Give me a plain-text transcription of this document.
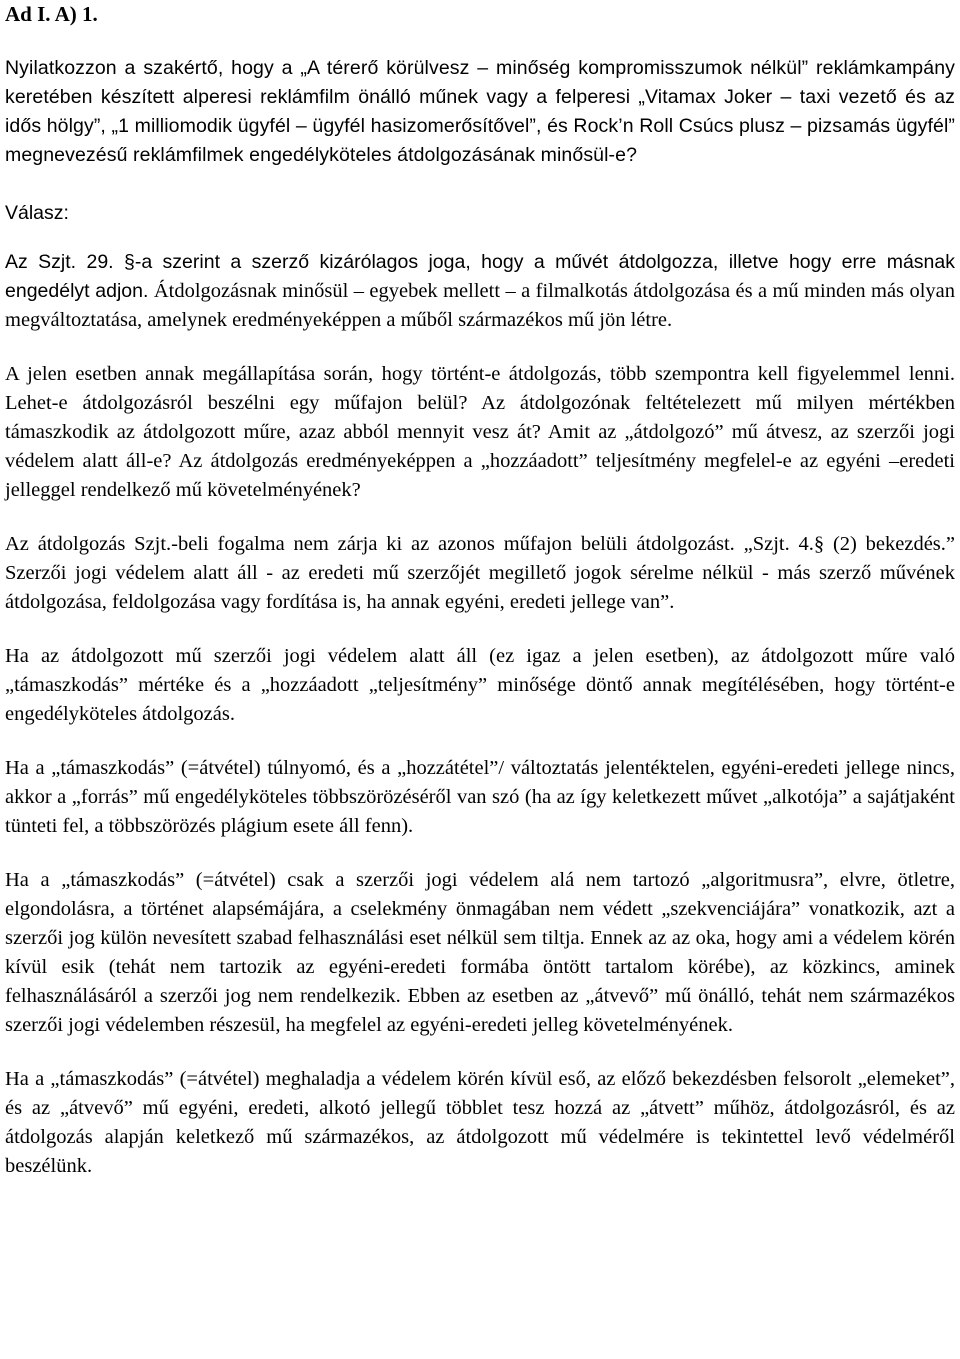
Ad I. A) 1.

Nyilatkozzon a szakértő, hogy a „A térerő körülvesz – minőség kompromisszumok nélkül” reklámkampány keretében készített alperesi reklámfilm önálló műnek vagy a felperesi „Vitamax Joker – taxi vezető és az idős hölgy”, „1 milliomodik ügyfél – ügyfél hasizomerősítővel”, és Rock’n Roll Csúcs plusz – pizsamás ügyfél” megnevezésű reklámfilmek engedélyköteles átdolgozásának minősül-e?

Válasz:

Az Szjt. 29. §-a szerint a szerző kizárólagos joga, hogy a művét átdolgozza, illetve hogy erre másnak engedélyt adjon. Átdolgozásnak minősül – egyebek mellett – a filmalkotás átdolgozása és a mű minden más olyan megváltoztatása, amelynek eredményeképpen a műből származékos mű jön létre.

A jelen esetben annak megállapítása során, hogy történt-e átdolgozás, több szempontra kell figyelemmel lenni. Lehet-e átdolgozásról beszélni egy műfajon belül? Az átdolgozónak feltételezett mű milyen mértékben támaszkodik az átdolgozott műre, azaz abból mennyit vesz át? Amit az „átdolgozó” mű átvesz, az szerzői jogi védelem alatt áll-e? Az átdolgozás eredményeképpen a „hozzáadott” teljesítmény megfelel-e az egyéni –eredeti jelleggel rendelkező mű követelményének?

Az átdolgozás Szjt.-beli fogalma nem zárja ki az azonos műfajon belüli átdolgozást. „Szjt. 4.§ (2) bekezdés.” Szerzői jogi védelem alatt áll - az eredeti mű szerzőjét megillető jogok sérelme nélkül - más szerző művének átdolgozása, feldolgozása vagy fordítása is, ha annak egyéni, eredeti jellege van”.

Ha az átdolgozott mű szerzői jogi védelem alatt áll (ez igaz a jelen esetben), az átdolgozott műre való „támaszkodás” mértéke és a „hozzáadott „teljesítmény” minősége döntő annak megítélésében, hogy történt-e engedélyköteles átdolgozás.

Ha a „támaszkodás” (=átvétel) túlnyomó, és a „hozzátétel”/ változtatás jelentéktelen, egyéni-eredeti jellege nincs, akkor a „forrás” mű engedélyköteles többszörözéséről van szó (ha az így keletkezett művet „alkotója” a sajátjaként tünteti fel, a többszörözés plágium esete áll fenn).

Ha a „támaszkodás” (=átvétel) csak a szerzői jogi védelem alá nem tartozó „algoritmusra”, elvre, ötletre, elgondolásra, a történet alapsémájára, a cselekmény önmagában nem védett „szekvenciájára” vonatkozik, azt a szerzői jog külön nevesített szabad felhasználási eset nélkül sem tiltja. Ennek az az oka, hogy ami a védelem körén kívül esik (tehát nem tartozik az egyéni-eredeti formába öntött tartalom körébe), az közkincs, aminek felhasználásáról a szerzői jog nem rendelkezik. Ebben az esetben az „átvevő” mű önálló, tehát nem származékos szerzői jogi védelemben részesül, ha megfelel az egyéni-eredeti jelleg követelményének.

Ha a „támaszkodás” (=átvétel) meghaladja a védelem körén kívül eső, az előző bekezdésben felsorolt „elemeket”, és az „átvevő” mű egyéni, eredeti, alkotó jellegű többlet tesz hozzá az „átvett” műhöz, átdolgozásról, és az átdolgozás alapján keletkező mű származékos, az átdolgozott mű védelmére is tekintettel levő védelméről beszélünk.
